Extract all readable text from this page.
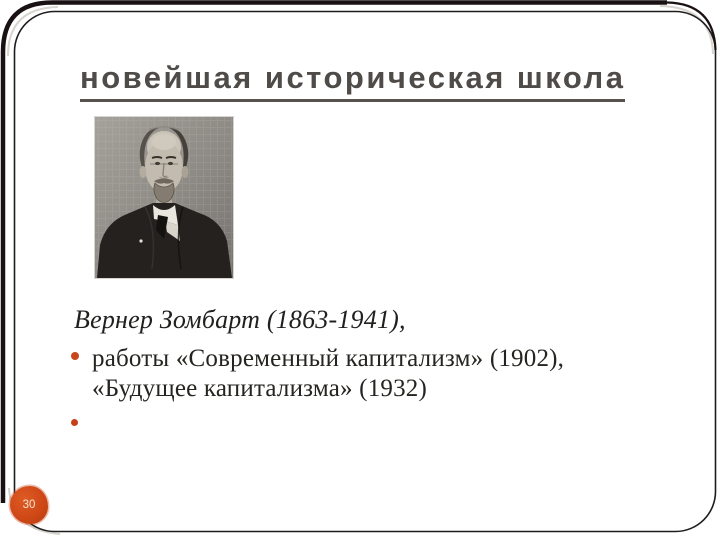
новейшая историческая школа

Вернер Зомбарт (1863-1941),

работы «Современный капитализм» (1902),
«Будущее капитализма» (1932)
30
